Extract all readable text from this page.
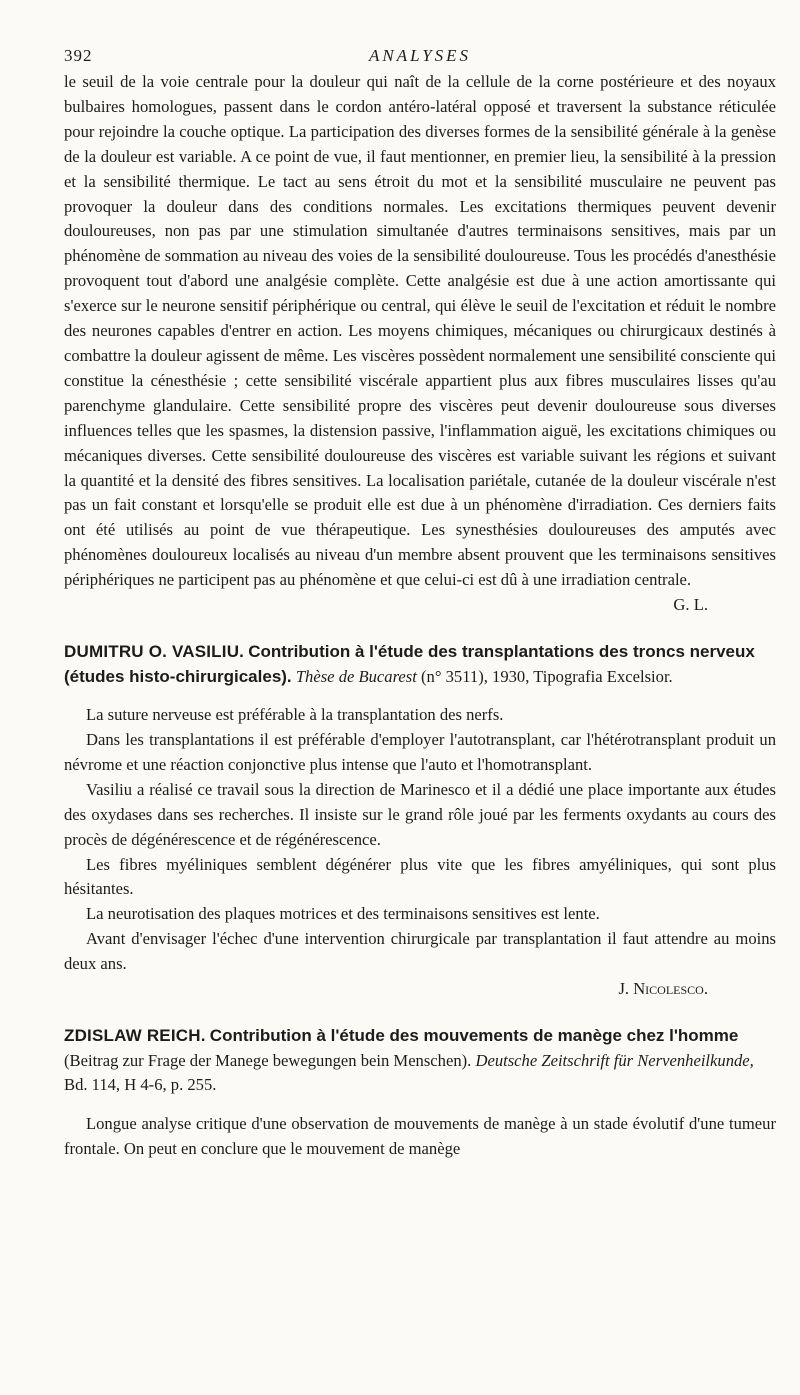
392	ANALYSES

le seuil de la voie centrale pour la douleur qui naît de la cellule de la corne postérieure et des noyaux bulbaires homologues, passent dans le cordon antéro-latéral opposé et traversent la substance réticulée pour rejoindre la couche optique. La participation des diverses formes de la sensibilité générale à la genèse de la douleur est variable. A ce point de vue, il faut mentionner, en premier lieu, la sensibilité à la pression et la sensibilité thermique. Le tact au sens étroit du mot et la sensibilité musculaire ne peuvent pas provoquer la douleur dans des conditions normales. Les excitations thermiques peuvent devenir douloureuses, non pas par une stimulation simultanée d'autres terminaisons sensitives, mais par un phénomène de sommation au niveau des voies de la sensibilité douloureuse. Tous les procédés d'anesthésie provoquent tout d'abord une analgésie complète. Cette analgésie est due à une action amortissante qui s'exerce sur le neurone sensitif périphérique ou central, qui élève le seuil de l'excitation et réduit le nombre des neurones capables d'entrer en action. Les moyens chimiques, mécaniques ou chirurgicaux destinés à combattre la douleur agissent de même. Les viscères possèdent normalement une sensibilité consciente qui constitue la cénesthésie ; cette sensibilité viscérale appartient plus aux fibres musculaires lisses qu'au parenchyme glandulaire. Cette sensibilité propre des viscères peut devenir douloureuse sous diverses influences telles que les spasmes, la distension passive, l'inflammation aiguë, les excitations chimiques ou mécaniques diverses. Cette sensibilité douloureuse des viscères est variable suivant les régions et suivant la quantité et la densité des fibres sensitives. La localisation pariétale, cutanée de la douleur viscérale n'est pas un fait constant et lorsqu'elle se produit elle est due à un phénomène d'irradiation. Ces derniers faits ont été utilisés au point de vue thérapeutique. Les synesthésies douloureuses des amputés avec phénomènes douloureux localisés au niveau d'un membre absent prouvent que les terminaisons sensitives périphériques ne participent pas au phénomène et que celui-ci est dû à une irradiation centrale.

G. L.

DUMITRU O. VASILIU. Contribution à l'étude des transplantations des troncs nerveux (études histo-chirurgicales). Thèse de Bucarest (n° 3511), 1930, Tipografia Excelsior.

La suture nerveuse est préférable à la transplantation des nerfs.

Dans les transplantations il est préférable d'employer l'autotransplant, car l'hétérotransplant produit un névrome et une réaction conjonctive plus intense que l'auto et l'homotransplant.

Vasiliu a réalisé ce travail sous la direction de Marinesco et il a dédié une place importante aux études des oxydases dans ses recherches. Il insiste sur le grand rôle joué par les ferments oxydants au cours des procès de dégénérescence et de régénérescence.

Les fibres myéliniques semblent dégénérer plus vite que les fibres amyéliniques, qui sont plus hésitantes.

La neurotisation des plaques motrices et des terminaisons sensitives est lente.

Avant d'envisager l'échec d'une intervention chirurgicale par transplantation il faut attendre au moins deux ans.

J. Nicolesco.

ZDISLAW REICH. Contribution à l'étude des mouvements de manège chez l'homme (Beitrag zur Frage der Manege bewegungen bein Menschen). Deutsche Zeitschrift für Nervenheilkunde, Bd. 114, H 4-6, p. 255.

Longue analyse critique d'une observation de mouvements de manège à un stade évolutif d'une tumeur frontale. On peut en conclure que le mouvement de manège
